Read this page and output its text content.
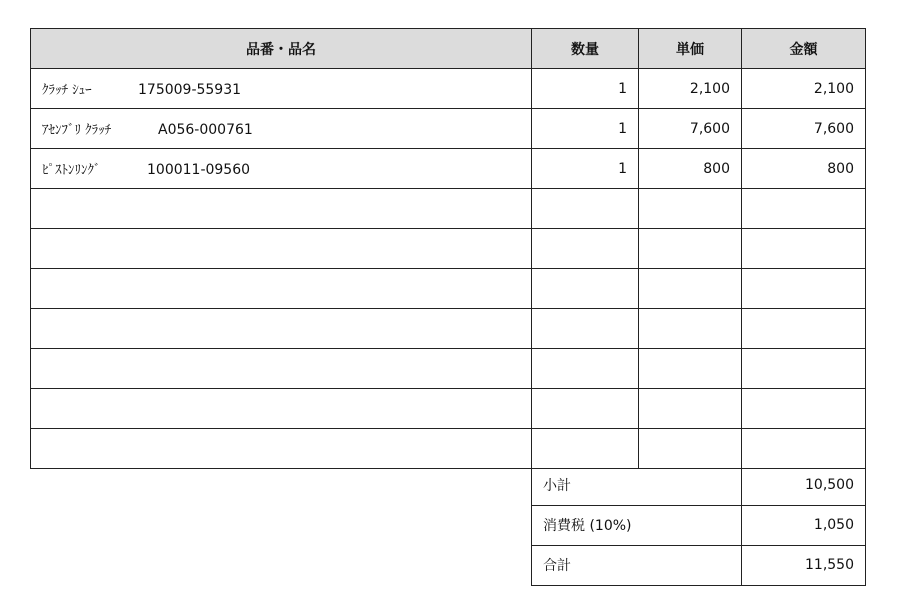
品番・品名	数量	単価	金額
ｸﾗｯﾁ ｼｭｰ 175009-55931	1	2,100	2,100
ｱｾﾝﾌﾞﾘ ｸﾗｯﾁ A056-000761	1	7,600	7,600
ﾋﾟｽﾄﾝﾘﾝｸﾞ 100011-09560	1	800	800

小計	10,500
消費税 (10%)	1,050
合計	11,550
